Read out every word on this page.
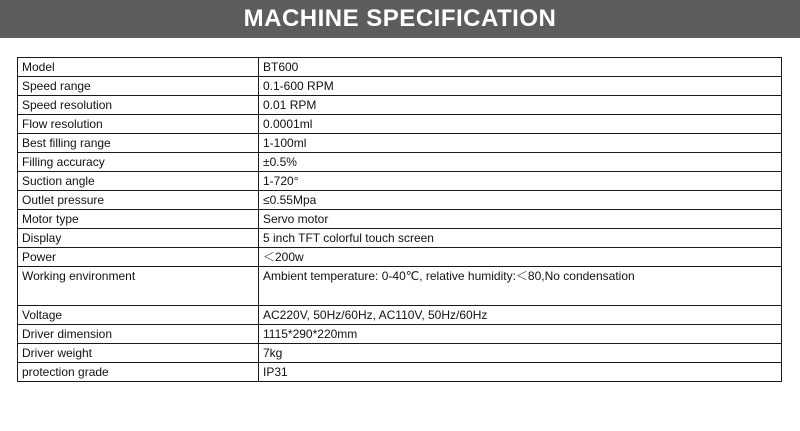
MACHINE SPECIFICATION
Model	BT600
Speed range	0.1-600 RPM
Speed resolution	0.01 RPM
Flow resolution	0.0001ml
Best filling range	1-100ml
Filling accuracy	±0.5%
Suction angle	1-720°
Outlet pressure	≤0.55Mpa
Motor type	Servo motor
Display	5 inch TFT colorful touch screen
Power	＜200w
Working environment	Ambient temperature: 0-40℃, relative humidity:＜80,No condensation
Voltage	AC220V, 50Hz/60Hz, AC110V, 50Hz/60Hz
Driver dimension	1115*290*220mm
Driver weight	7kg
protection grade	IP31
